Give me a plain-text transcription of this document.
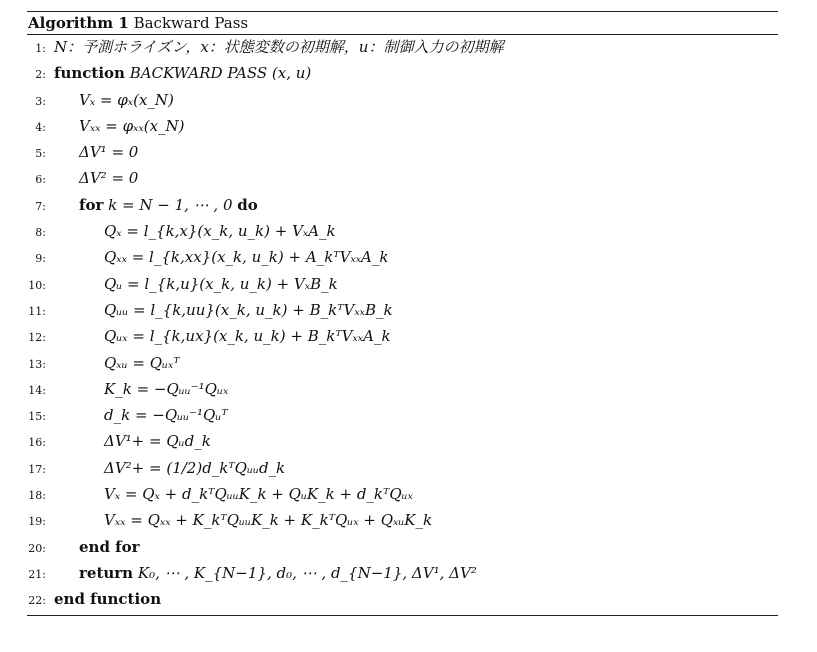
Algorithm 1 Backward Pass
1: N：予測ホライズン，x：状態変数の初期解，u：制御入力の初期解
2: function BACKWARD PASS (x, u)
3: Vₓ = φₓ(x_N)
4: Vₓₓ = φₓₓ(x_N)
5: ΔV¹ = 0
6: ΔV² = 0
7: for k = N − 1, ⋯ , 0 do
8:	Qₓ = l_{k,x}(x_k, u_k) + VₓA_k
9:	Qₓₓ = l_{k,xx}(x_k, u_k) + A_kᵀVₓₓA_k
10:	Qᵤ = l_{k,u}(x_k, u_k) + VₓB_k
11:	Qᵤᵤ = l_{k,uu}(x_k, u_k) + B_kᵀVₓₓB_k
12:	Qᵤₓ = l_{k,ux}(x_k, u_k) + B_kᵀVₓₓA_k
13:	Qₓᵤ = Qᵤₓᵀ
14:	K_k = −Qᵤᵤ⁻¹Qᵤₓ
15:	d_k = −Qᵤᵤ⁻¹Qᵤᵀ
16:	ΔV¹+ = Qᵤd_k
17:	ΔV²+ = (1/2)d_kᵀQᵤᵤd_k
18:	Vₓ = Qₓ + d_kᵀQᵤᵤK_k + QᵤK_k + d_kᵀQᵤₓ
19:	Vₓₓ = Qₓₓ + K_kᵀQᵤᵤK_k + K_kᵀQᵤₓ + QₓᵤK_k
20: end for
21: return K₀, ⋯ , K_{N−1}, d₀, ⋯ , d_{N−1}, ΔV¹, ΔV²
22: end function
